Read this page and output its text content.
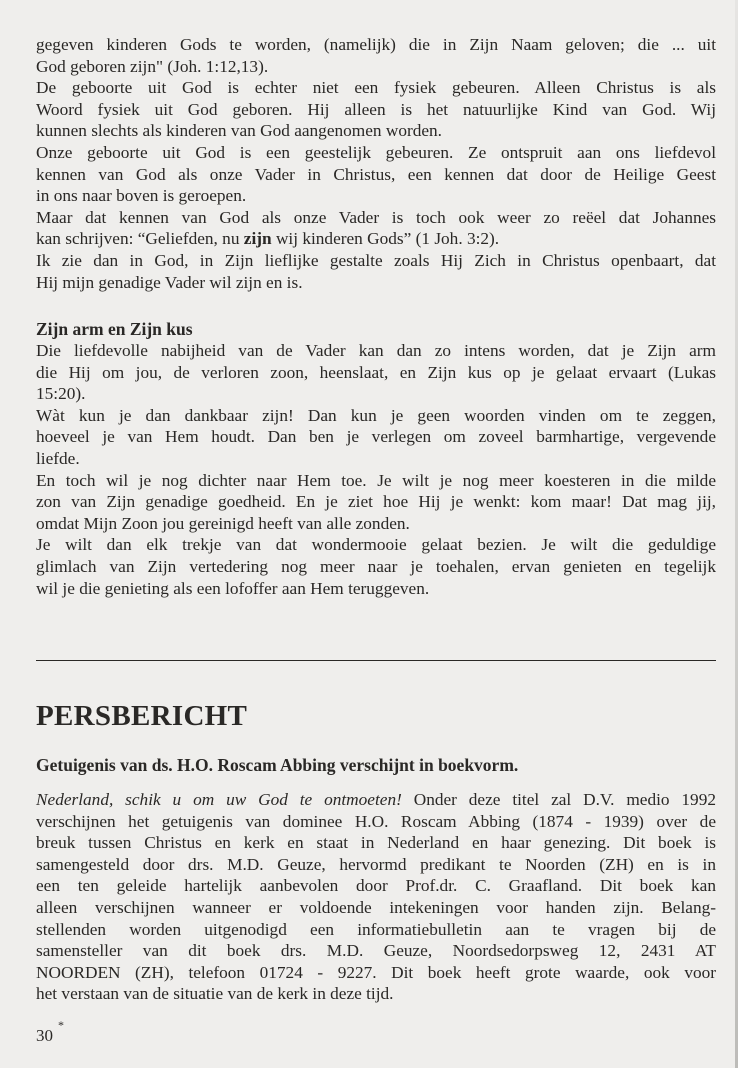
gegeven kinderen Gods te worden, (namelijk) die in Zijn Naam geloven; die ... uit
God geboren zijn" (Joh. 1:12,13).
De geboorte uit God is echter niet een fysiek gebeuren. Alleen Christus is als
Woord fysiek uit God geboren. Hij alleen is het natuurlijke Kind van God. Wij
kunnen slechts als kinderen van God aangenomen worden.
Onze geboorte uit God is een geestelijk gebeuren. Ze ontspruit aan ons liefdevol
kennen van God als onze Vader in Christus, een kennen dat door de Heilige Geest
in ons naar boven is geroepen.
Maar dat kennen van God als onze Vader is toch ook weer zo reëel dat Johannes
kan schrijven: “Geliefden, nu zijn wij kinderen Gods” (1 Joh. 3:2).
Ik zie dan in God, in Zijn lieflijke gestalte zoals Hij Zich in Christus openbaart, dat
Hij mijn genadige Vader wil zijn en is.
Zijn arm en Zijn kus
Die liefdevolle nabijheid van de Vader kan dan zo intens worden, dat je Zijn arm
die Hij om jou, de verloren zoon, heenslaat, en Zijn kus op je gelaat ervaart (Lukas
15:20).
Wàt kun je dan dankbaar zijn! Dan kun je geen woorden vinden om te zeggen,
hoeveel je van Hem houdt. Dan ben je verlegen om zoveel barmhartige, vergevende
liefde.
En toch wil je nog dichter naar Hem toe. Je wilt je nog meer koesteren in die milde
zon van Zijn genadige goedheid. En je ziet hoe Hij je wenkt: kom maar! Dat mag jij,
omdat Mijn Zoon jou gereinigd heeft van alle zonden.
Je wilt dan elk trekje van dat wondermooie gelaat bezien. Je wilt die geduldige
glimlach van Zijn vertedering nog meer naar je toehalen, ervan genieten en tegelijk
wil je die genieting als een lofoffer aan Hem teruggeven.
PERSBERICHT
Getuigenis van ds. H.O. Roscam Abbing verschijnt in boekvorm.
Nederland, schik u om uw God te ontmoeten! Onder deze titel zal D.V. medio 1992
verschijnen het getuigenis van dominee H.O. Roscam Abbing (1874 - 1939) over de
breuk tussen Christus en kerk en staat in Nederland en haar genezing. Dit boek is
samengesteld door drs. M.D. Geuze, hervormd predikant te Noorden (ZH) en is in
een ten geleide hartelijk aanbevolen door Prof.dr. C. Graafland. Dit boek kan
alleen verschijnen wanneer er voldoende intekeningen voor handen zijn. Belang-
stellenden worden uitgenodigd een informatiebulletin aan te vragen bij de
samensteller van dit boek drs. M.D. Geuze, Noordsedorpsweg 12, 2431 AT
NOORDEN (ZH), telefoon 01724 - 9227. Dit boek heeft grote waarde, ook voor
het verstaan van de situatie van de kerk in deze tijd.
30
*
